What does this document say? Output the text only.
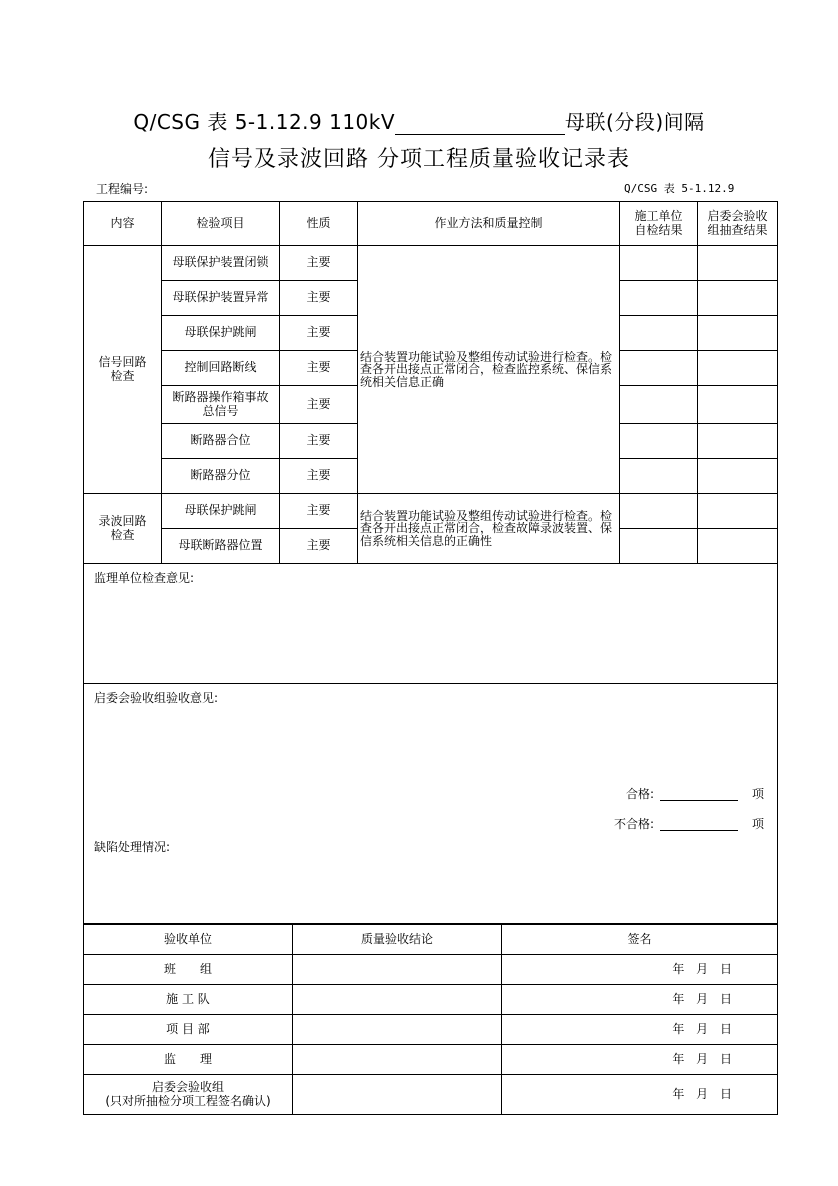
Q/CSG 表 5-1.12.9 110kV	母联(分段)间隔
信号及录波回路 分项工程质量验收记录表
工程编号:	Q/CSG 表 5-1.12.9
内容	检验项目	性质	作业方法和质量控制	施工单位自检结果	启委会验收组抽查结果
信号回路检查	母联保护装置闭锁	主要	结合装置功能试验及整组传动试验进行检查。检查各开出接点正常闭合，检查监控系统、保信系统相关信息正确		
	母联保护装置异常	主要			
	母联保护跳闸	主要			
	控制回路断线	主要			
	断路器操作箱事故总信号	主要			
	断路器合位	主要			
	断路器分位	主要			
录波回路检查	母联保护跳闸	主要	结合装置功能试验及整组传动试验进行检查。检查各开出接点正常闭合，检查故障录波装置、保信系统相关信息的正确性		
	母联断路器位置	主要			

监理单位检查意见:					

启委会验收组验收意见:
合格: 项
不合格: 项
缺陷处理情况:					
验收单位	质量验收结论	签名
班　　组		年 月 日
施 工 队		年 月 日
项 目 部		年 月 日
监　　理		年 月 日

启委会验收组
(只对所抽检分项工程签名确认)		年 月 日
